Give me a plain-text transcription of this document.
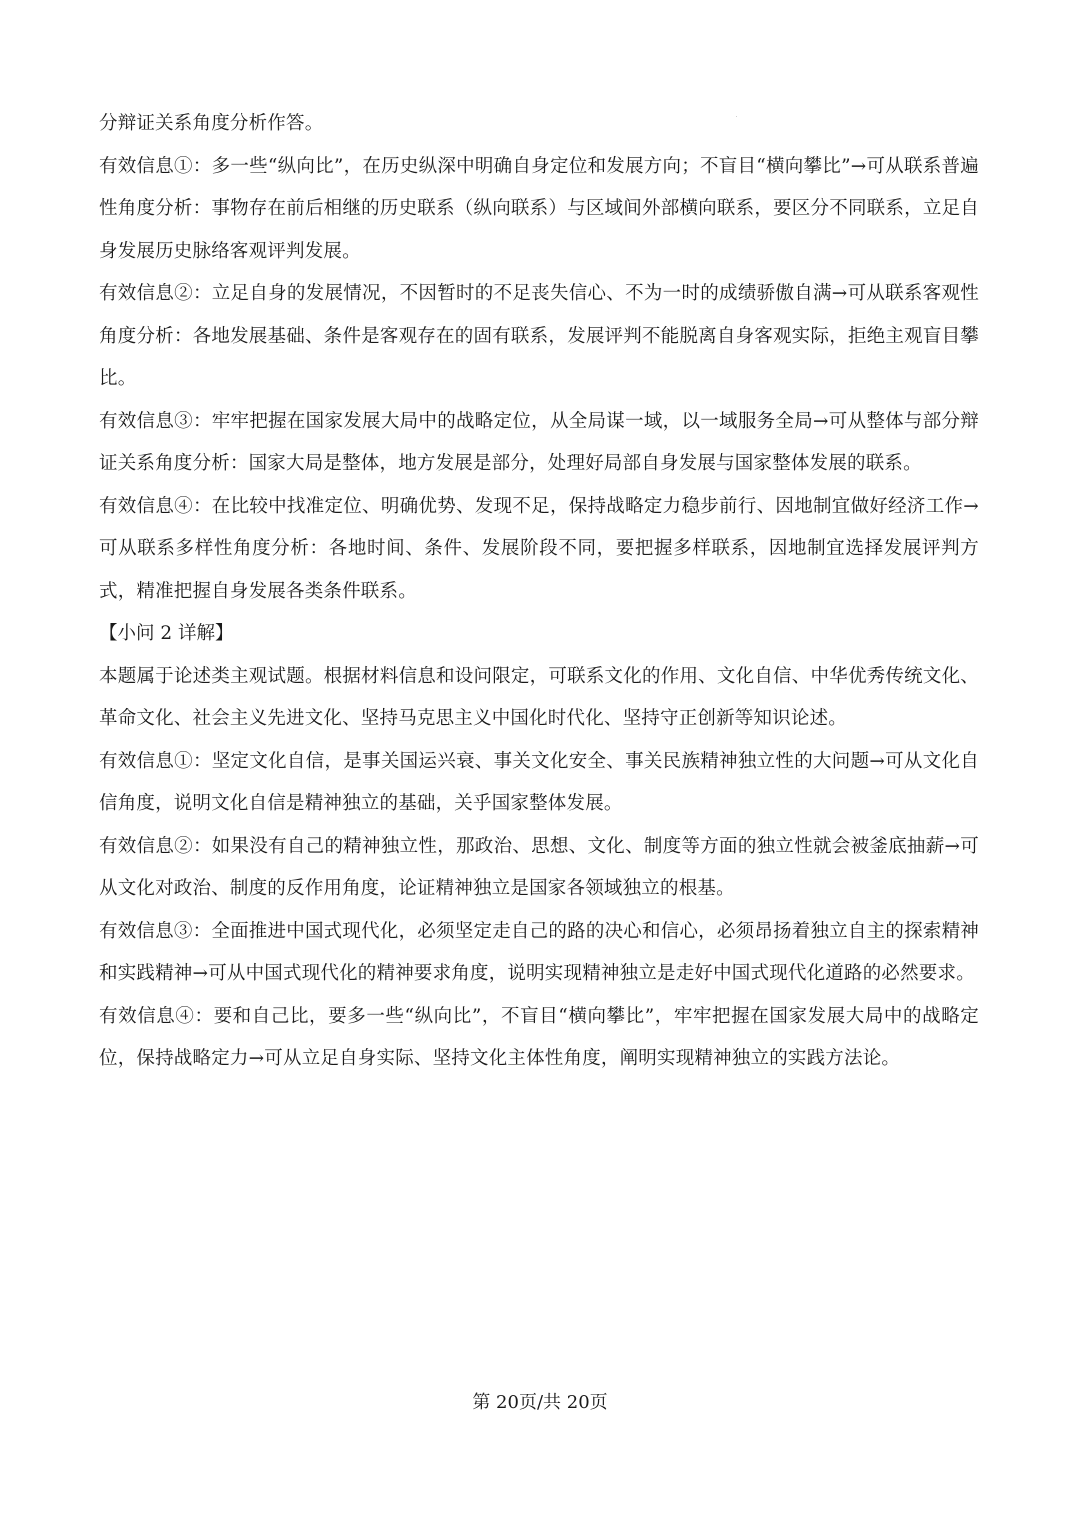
分辩证关系角度分析作答。

有效信息①：多一些“纵向比”，在历史纵深中明确自身定位和发展方向；不盲目“横向攀比”→可从联系普遍性角度分析：事物存在前后相继的历史联系（纵向联系）与区域间外部横向联系，要区分不同联系，立足自身发展历史脉络客观评判发展。

有效信息②：立足自身的发展情况，不因暂时的不足丧失信心、不为一时的成绩骄傲自满→可从联系客观性角度分析：各地发展基础、条件是客观存在的固有联系，发展评判不能脱离自身客观实际，拒绝主观盲目攀比。

有效信息③：牢牢把握在国家发展大局中的战略定位，从全局谋一域，以一域服务全局→可从整体与部分辩证关系角度分析：国家大局是整体，地方发展是部分，处理好局部自身发展与国家整体发展的联系。

有效信息④：在比较中找准定位、明确优势、发现不足，保持战略定力稳步前行、因地制宜做好经济工作→可从联系多样性角度分析：各地时间、条件、发展阶段不同，要把握多样联系，因地制宜选择发展评判方式，精准把握自身发展各类条件联系。

【小问 2 详解】

本题属于论述类主观试题。根据材料信息和设问限定，可联系文化的作用、文化自信、中华优秀传统文化、革命文化、社会主义先进文化、坚持马克思主义中国化时代化、坚持守正创新等知识论述。

有效信息①：坚定文化自信，是事关国运兴衰、事关文化安全、事关民族精神独立性的大问题→可从文化自信角度，说明文化自信是精神独立的基础，关乎国家整体发展。

有效信息②：如果没有自己的精神独立性，那政治、思想、文化、制度等方面的独立性就会被釜底抽薪→可从文化对政治、制度的反作用角度，论证精神独立是国家各领域独立的根基。

有效信息③：全面推进中国式现代化，必须坚定走自己的路的决心和信心，必须昂扬着独立自主的探索精神和实践精神→可从中国式现代化的精神要求角度，说明实现精神独立是走好中国式现代化道路的必然要求。

有效信息④：要和自己比，要多一些“纵向比”，不盲目“横向攀比”，牢牢把握在国家发展大局中的战略定位，保持战略定力→可从立足自身实际、坚持文化主体性角度，阐明实现精神独立的实践方法论。

第 20页/共 20页
